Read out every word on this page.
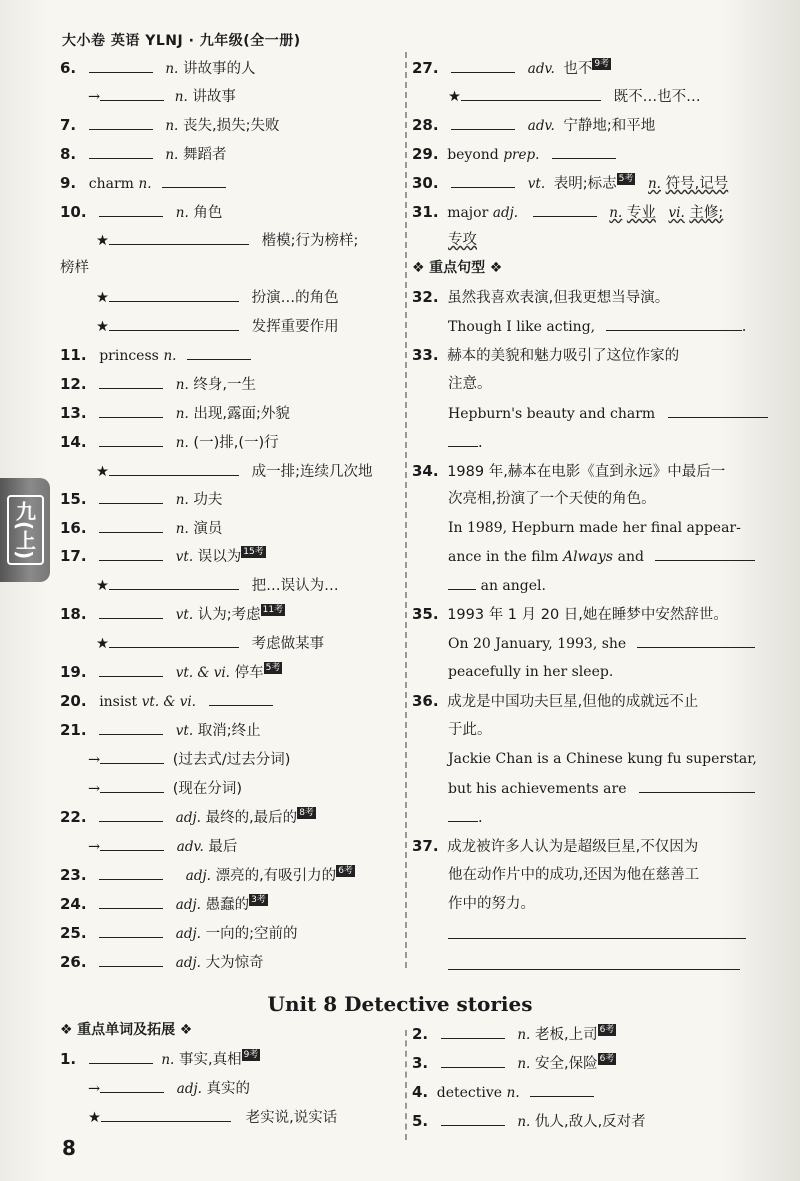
大小卷 英语 YLNJ · 九年级(全一册)
九(上)
6.	n. 讲故事的人
→	n. 讲故事
7.	n. 丧失,损失;失败
8.	n. 舞蹈者
9. charm n.
10.	n. 角色
★	楷模;行为榜样;
榜样
★	扮演…的角色
★	发挥重要作用
11. princess n.
12.	n. 终身,一生
13.	n. 出现,露面;外貌
14.	n. (一)排,(一)行
★	成一排;连续几次地
15.	n. 功夫
16.	n. 演员
17.	vt. 误以为 15考
★	把…误认为…
18.	vt. 认为;考虑 11考
★	考虑做某事
19.	vt. & vi. 停车 5考
20. insist vt. & vi.
21.	vt. 取消;终止
→	(过去式/过去分词)
→	(现在分词)
22.	adj. 最终的,最后的 8考
→	adv. 最后
23.	adj. 漂亮的,有吸引力的 6考
24.	adj. 愚蠢的 3考
25.	adj. 一向的;空前的
26.	adj. 大为惊奇
27.	adv. 也不 9考
★	既不…也不…
28.	adv. 宁静地;和平地
29. beyond prep.
30.	vt. 表明;标志 5考 n. 符号,记号
31. major adj.	n. 专业 vi. 主修;
专攻
❖ 重点句型 ❖
32. 虽然我喜欢表演,但我更想当导演。
Though I like acting,	.
33. 赫本的美貌和魅力吸引了这位作家的
注意。
Hepburn's beauty and charm
.
34. 1989 年,赫本在电影《直到永远》中最后一
次亮相,扮演了一个天使的角色。
In 1989, Hepburn made her final appear-
ance in the film Always and
an angel.
35. 1993 年 1 月 20 日,她在睡梦中安然辞世。
On 20 January, 1993, she
peacefully in her sleep.
36. 成龙是中国功夫巨星,但他的成就远不止
于此。
Jackie Chan is a Chinese kung fu superstar,
but his achievements are
.
37. 成龙被许多人认为是超级巨星,不仅因为
他在动作片中的成功,还因为他在慈善工
作中的努力。
Unit 8 Detective stories
❖ 重点单词及拓展 ❖
1.	n. 事实,真相 9考
→	adj. 真实的
★	老实说,说实话
2.	n. 老板,上司 6考
3.	n. 安全,保险 6考
4. detective n.
5.	n. 仇人,敌人,反对者
8
